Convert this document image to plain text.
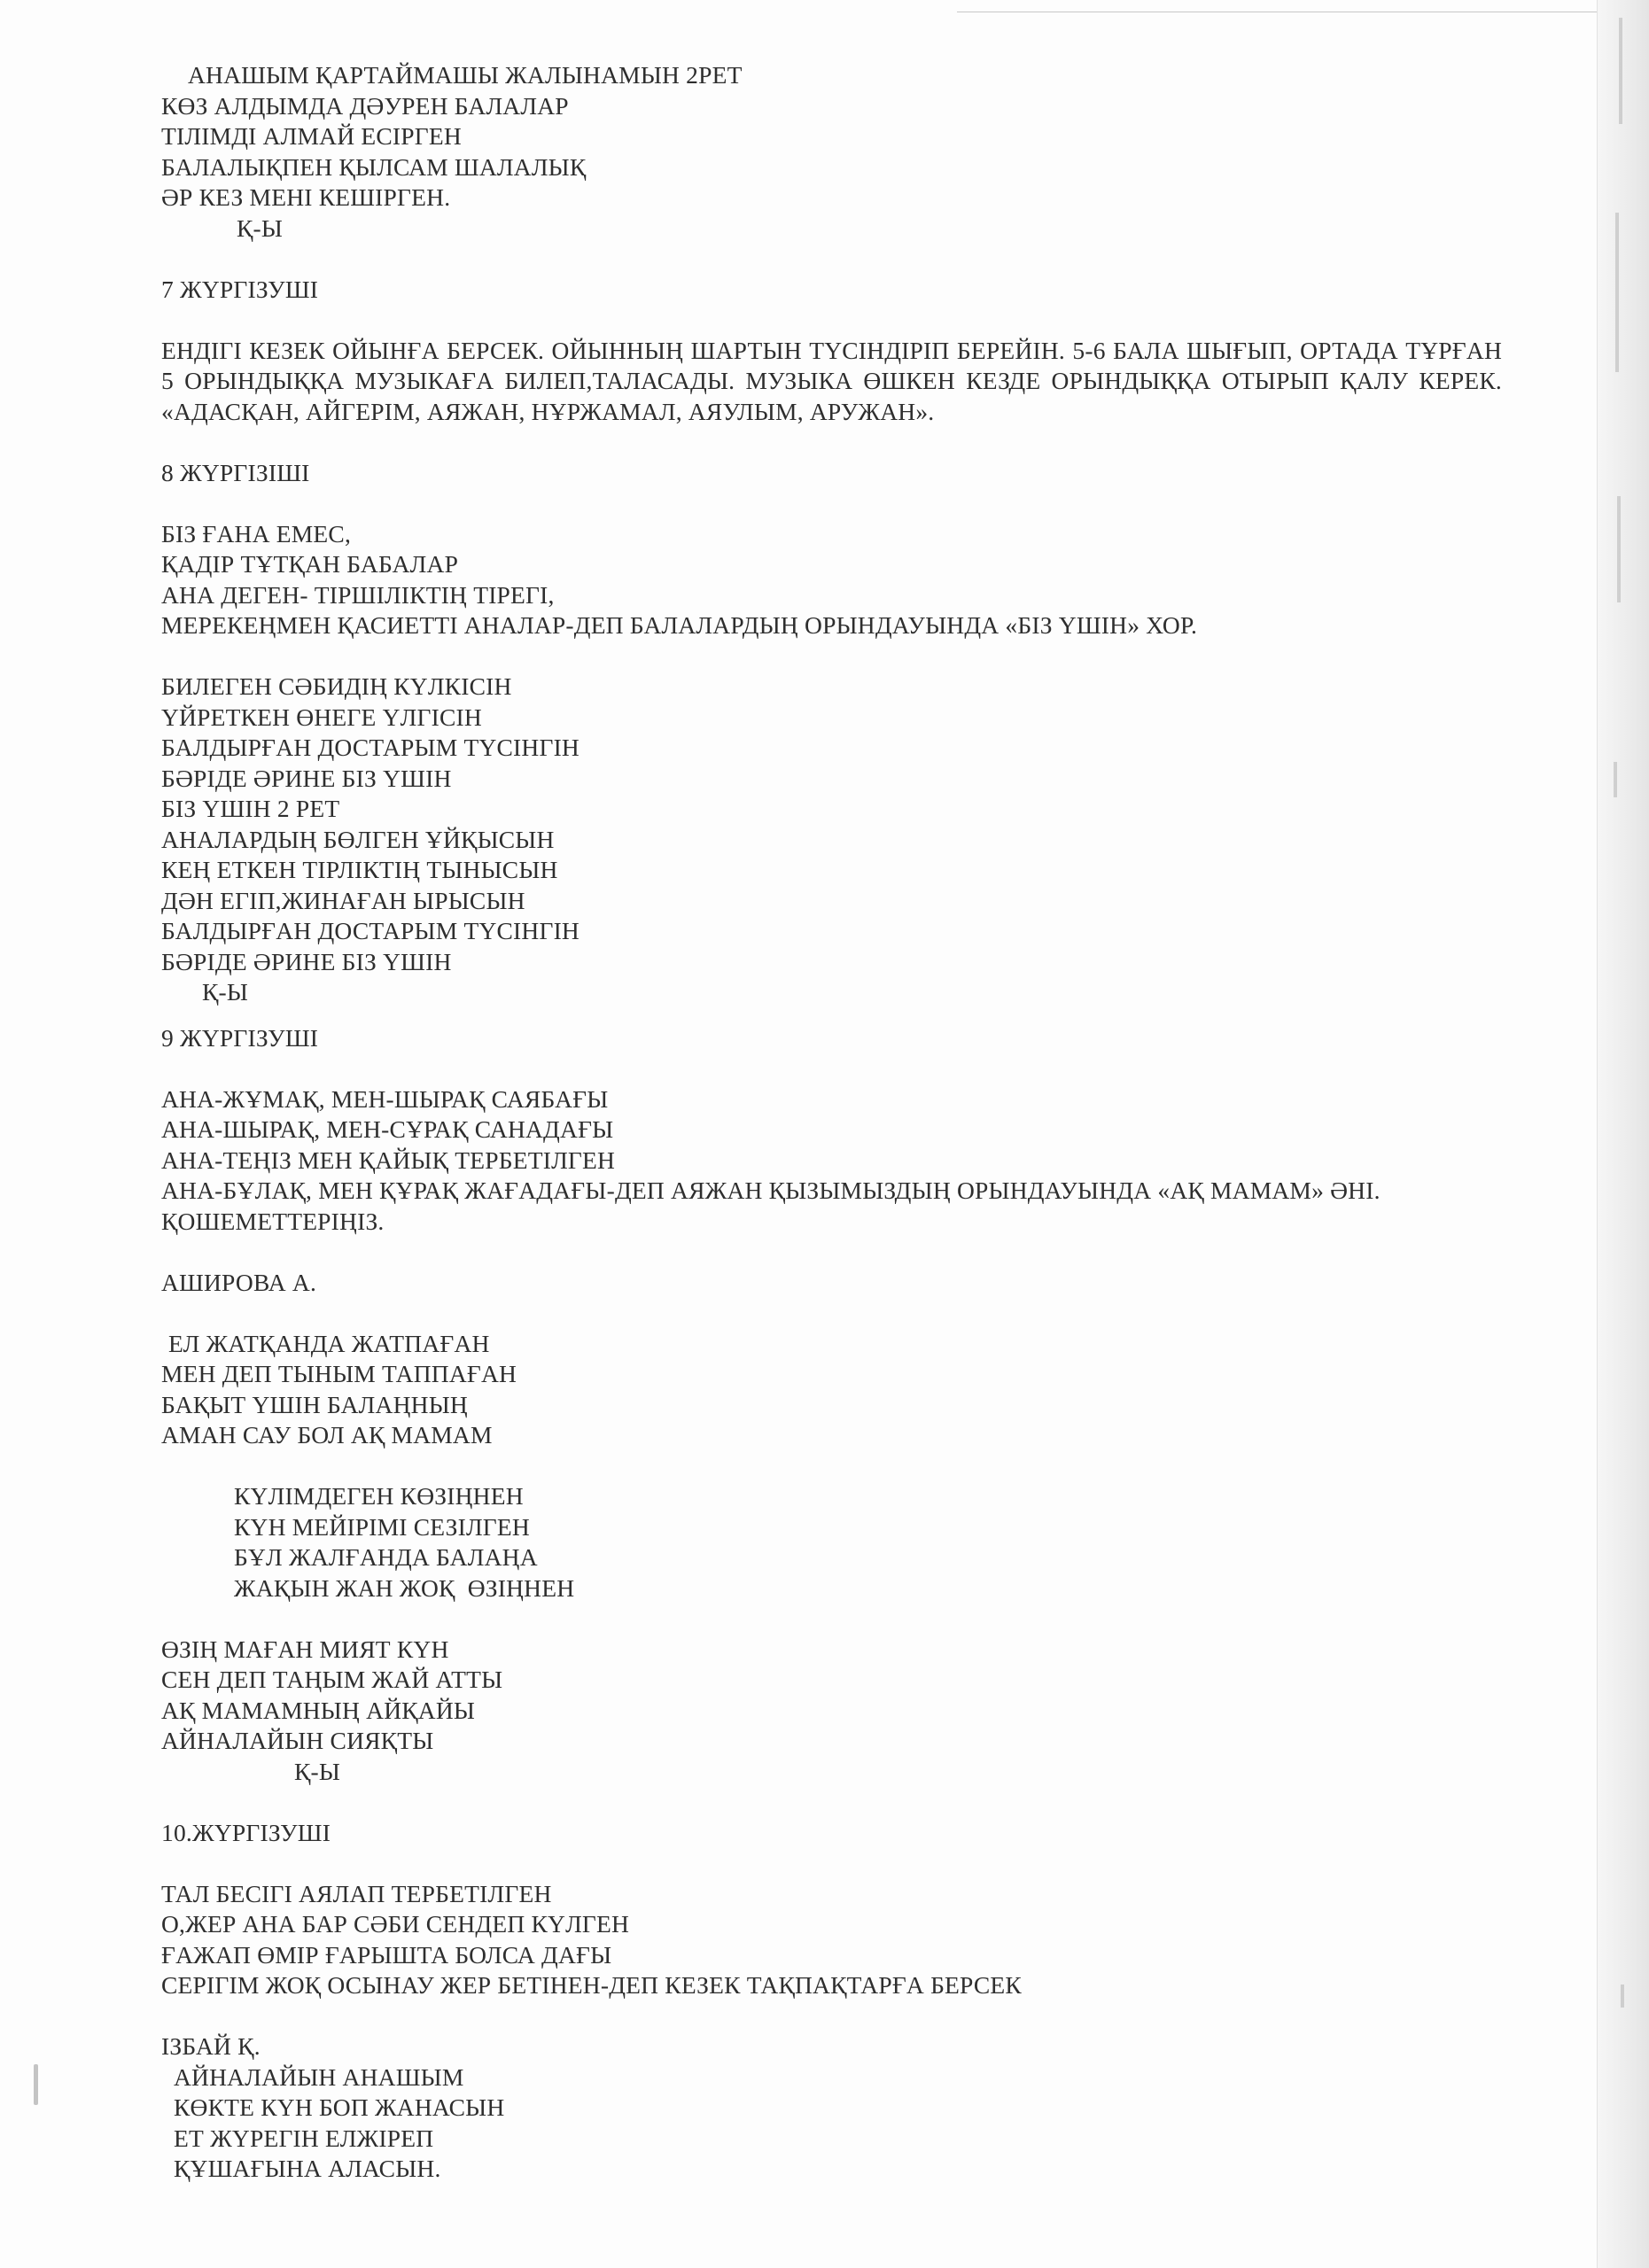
АНАШЫМ ҚАРТАЙМАШЫ ЖАЛЫНАМЫН 2РЕТ
КӨЗ АЛДЫМДА ДӘУРЕН БАЛАЛАР
ТІЛІМДІ АЛМАЙ ЕСІРГЕН
БАЛАЛЫҚПЕН ҚЫЛСАМ ШАЛАЛЫҚ
ӘР КЕЗ МЕНІ КЕШІРГЕН.
Қ-Ы
7 ЖҮРГІЗУШІ
ЕНДІГІ КЕЗЕК ОЙЫНҒА БЕРСЕК. ОЙЫННЫҢ ШАРТЫН ТҮСІНДІРІП БЕРЕЙІН. 5-6 БАЛА ШЫҒЫП, ОРТАДА ТҰРҒАН 5 ОРЫНДЫҚҚА МУЗЫКАҒА БИЛЕП,ТАЛАСАДЫ. МУЗЫКА ӨШКЕН КЕЗДЕ ОРЫНДЫҚҚА ОТЫРЫП ҚАЛУ КЕРЕК. «АДАСҚАН, АЙГЕРІМ, АЯЖАН, НҰРЖАМАЛ, АЯУЛЫМ, АРУЖАН».
8 ЖҮРГІЗІШІ
БІЗ ҒАНА ЕМЕС,
ҚАДІР ТҰТҚАН БАБАЛАР
АНА ДЕГЕН- ТІРШІЛІКТІҢ ТІРЕГІ,
МЕРЕКЕҢМЕН ҚАСИЕТТІ АНАЛАР-ДЕП БАЛАЛАРДЫҢ ОРЫНДАУЫНДА «БІЗ ҮШІН» ХОР.
БИЛЕГЕН СӘБИДІҢ КҮЛКІСІН
ҮЙРЕТКЕН ӨНЕГЕ ҮЛГІСІН
БАЛДЫРҒАН ДОСТАРЫМ ТҮСІНГІН
БӘРІДЕ ӘРИНЕ БІЗ ҮШІН
БІЗ ҮШІН 2 РЕТ
АНАЛАРДЫҢ БӨЛГЕН ҰЙҚЫСЫН
КЕҢ ЕТКЕН ТІРЛІКТІҢ ТЫНЫСЫН
ДӘН ЕГІП,ЖИНАҒАН ЫРЫСЫН
БАЛДЫРҒАН ДОСТАРЫМ ТҮСІНГІН
БӘРІДЕ ӘРИНЕ БІЗ ҮШІН
Қ-Ы
9 ЖҮРГІЗУШІ
АНА-ЖҰМАҚ, МЕН-ШЫРАҚ САЯБАҒЫ
АНА-ШЫРАҚ, МЕН-СҰРАҚ САНАДАҒЫ
АНА-ТЕҢІЗ МЕН ҚАЙЫҚ ТЕРБЕТІЛГЕН
АНА-БҰЛАҚ, МЕН ҚҰРАҚ ЖАҒАДАҒЫ-ДЕП АЯЖАН ҚЫЗЫМЫЗДЫҢ ОРЫНДАУЫНДА «АҚ МАМАМ» ӘНІ.
ҚОШЕМЕТТЕРІҢІЗ.
АШИРОВА А.
ЕЛ ЖАТҚАНДА ЖАТПАҒАН
МЕН ДЕП ТЫНЫМ ТАППАҒАН
БАҚЫТ ҮШІН БАЛАҢНЫҢ
АМАН САУ БОЛ АҚ МАМАМ
КҮЛІМДЕГЕН КӨЗІҢНЕН
КҮН МЕЙІРІМІ СЕЗІЛГЕН
БҰЛ ЖАЛҒАНДА БАЛАҢА
ЖАҚЫН ЖАН ЖОҚ  ӨЗІҢНЕН
ӨЗІҢ МАҒАН МИЯТ КҮН
СЕН ДЕП ТАҢЫМ ЖАЙ АТТЫ
АҚ МАМАМНЫҢ АЙҚАЙЫ
АЙНАЛАЙЫН СИЯҚТЫ
Қ-Ы
10.ЖҮРГІЗУШІ
ТАЛ БЕСІГІ АЯЛАП ТЕРБЕТІЛГЕН
О,ЖЕР АНА БАР СӘБИ СЕНДЕП КҮЛГЕН
ҒАЖАП ӨМІР ҒАРЫШТА БОЛСА ДАҒЫ
СЕРІГІМ ЖОҚ ОСЫНАУ ЖЕР БЕТІНЕН-ДЕП КЕЗЕК ТАҚПАҚТАРҒА БЕРСЕК
ІЗБАЙ Қ.
АЙНАЛАЙЫН АНАШЫМ
КӨКТЕ КҮН БОП ЖАНАСЫН
ЕТ ЖҮРЕГІН ЕЛЖІРЕП
ҚҰШАҒЫНА АЛАСЫН.
